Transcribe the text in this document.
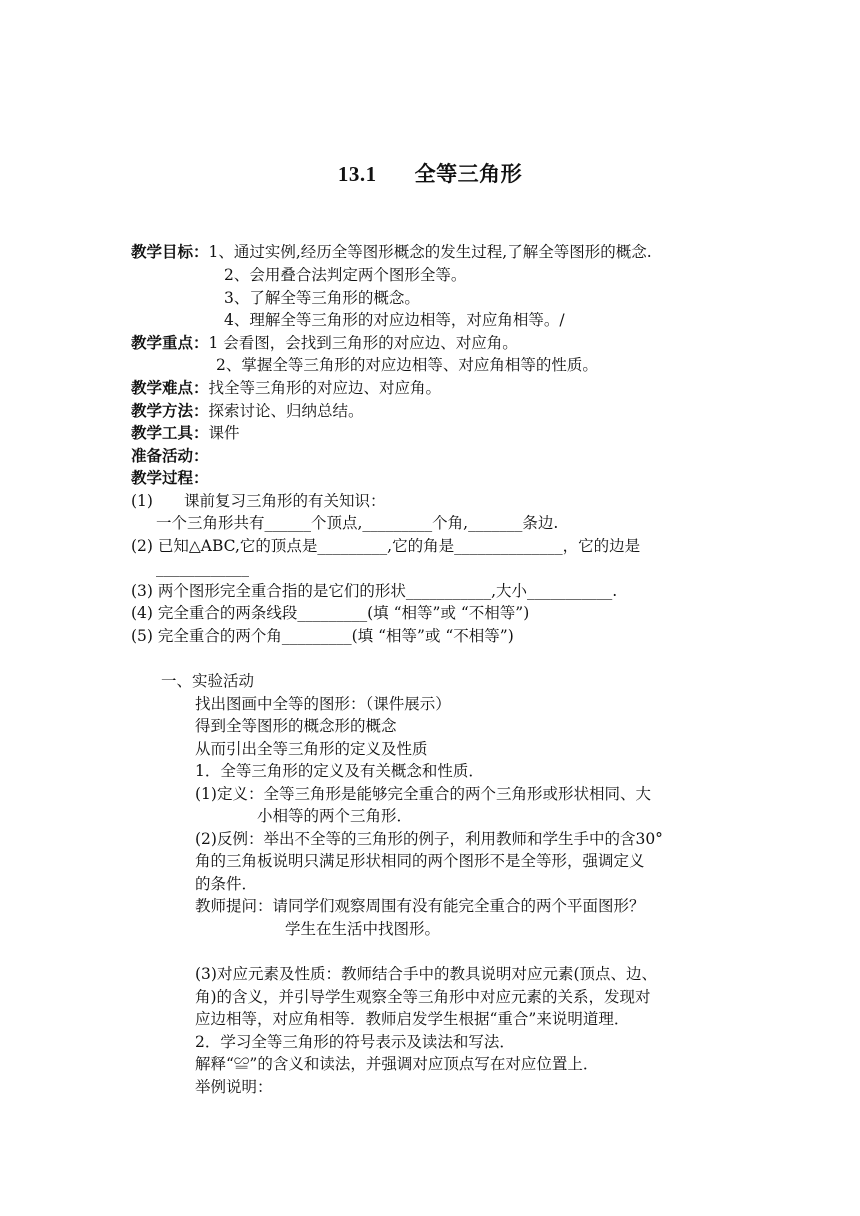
13.1 全等三角形
教学目标：1、通过实例,经历全等图形概念的发生过程,了解全等图形的概念.
2、会用叠合法判定两个图形全等。
3、了解全等三角形的概念。
4、理解全等三角形的对应边相等，对应角相等。/
教学重点：1 会看图，会找到三角形的对应边、对应角。
2、掌握全等三角形的对应边相等、对应角相等的性质。
教学难点：找全等三角形的对应边、对应角。
教学方法：探索讨论、归纳总结。
教学工具：课件
准备活动：
教学过程：
(1) 课前复习三角形的有关知识：
一个三角形共有______个顶点,_________个角,_______条边.
(2) 已知△ABC,它的顶点是_________,它的角是______________，它的边是
____________
(3) 两个图形完全重合指的是它们的形状___________,大小___________.
(4) 完全重合的两条线段_________(填 “相等”或 “不相等”)
(5) 完全重合的两个角_________(填 “相等”或 “不相等”)
一、实验活动
找出图画中全等的图形：（课件展示）
得到全等图形的概念形的概念
从而引出全等三角形的定义及性质
1．全等三角形的定义及有关概念和性质．
(1)定义：全等三角形是能够完全重合的两个三角形或形状相同、大
小相等的两个三角形．
(2)反例：举出不全等的三角形的例子，利用教师和学生手中的含30°
角的三角板说明只满足形状相同的两个图形不是全等形，强调定义
的条件．
教师提问：请同学们观察周围有没有能完全重合的两个平面图形？
学生在生活中找图形。
(3)对应元素及性质：教师结合手中的教具说明对应元素(顶点、边、
角)的含义，并引导学生观察全等三角形中对应元素的关系，发现对
应边相等，对应角相等．教师启发学生根据“重合”来说明道理．
2．学习全等三角形的符号表示及读法和写法．
解释“≌”的含义和读法，并强调对应顶点写在对应位置上．
举例说明：
